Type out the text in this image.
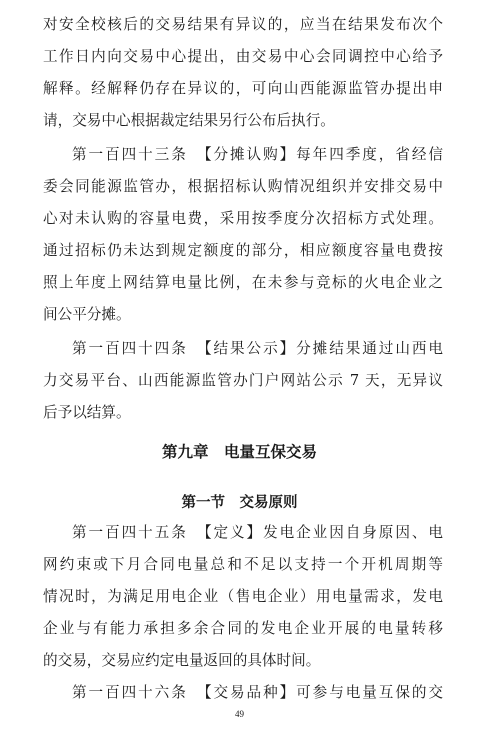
对安全校核后的交易结果有异议的，应当在结果发布次个
工作日内向交易中心提出，由交易中心会同调控中心给予
解释。经解释仍存在异议的，可向山西能源监管办提出申
请，交易中心根据裁定结果另行公布后执行。
第一百四十三条　【分摊认购】每年四季度，省经信
委会同能源监管办，根据招标认购情况组织并安排交易中
心对未认购的容量电费，采用按季度分次招标方式处理。
通过招标仍未达到规定额度的部分，相应额度容量电费按
照上年度上网结算电量比例，在未参与竞标的火电企业之
间公平分摊。
第一百四十四条　【结果公示】分摊结果通过山西电
力交易平台、山西能源监管办门户网站公示 7 天，无异议
后予以结算。
第九章　电量互保交易
第一节　交易原则
第一百四十五条　【定义】发电企业因自身原因、电
网约束或下月合同电量总和不足以支持一个开机周期等
情况时，为满足用电企业（售电企业）用电量需求，发电
企业与有能力承担多余合同的发电企业开展的电量转移
的交易，交易应约定电量返回的具体时间。
第一百四十六条　【交易品种】可参与电量互保的交
49
